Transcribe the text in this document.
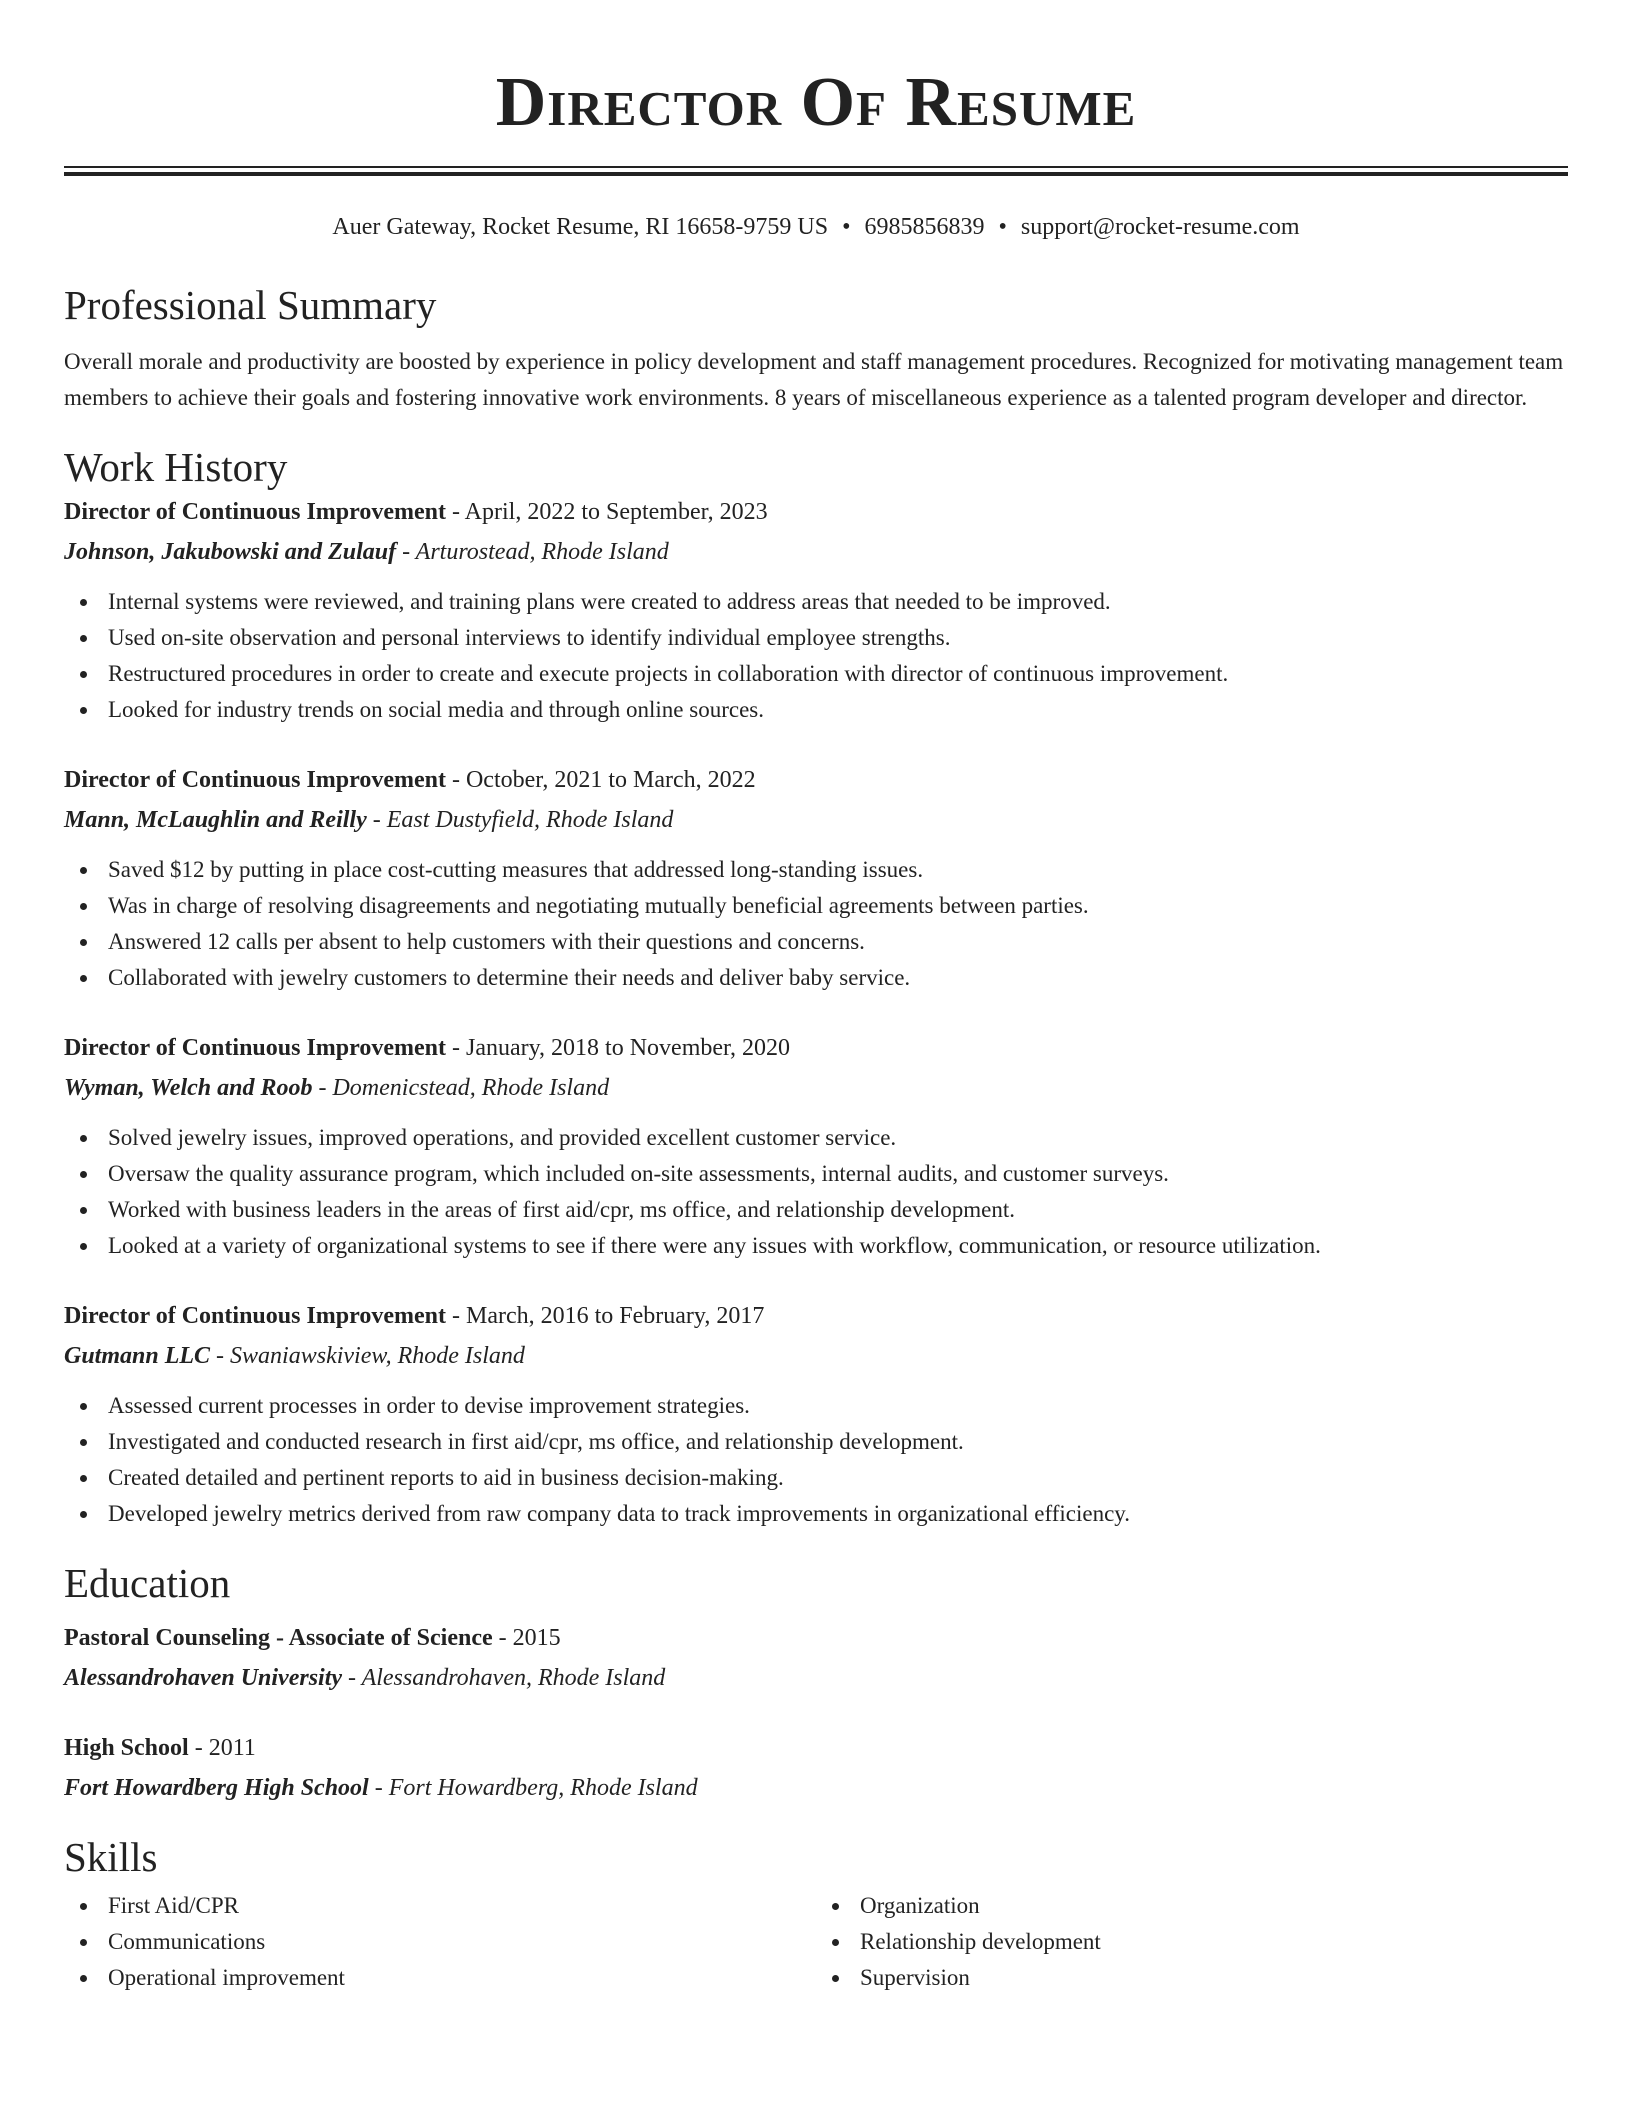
Director Of Resume
Auer Gateway, Rocket Resume, RI 16658-9759 US • 6985856839 • support@rocket-resume.com
Professional Summary
Overall morale and productivity are boosted by experience in policy development and staff management procedures. Recognized for motivating management team members to achieve their goals and fostering innovative work environments. 8 years of miscellaneous experience as a talented program developer and director.
Work History
Director of Continuous Improvement - April, 2022 to September, 2023
Johnson, Jakubowski and Zulauf - Arturostead, Rhode Island
Internal systems were reviewed, and training plans were created to address areas that needed to be improved.
Used on-site observation and personal interviews to identify individual employee strengths.
Restructured procedures in order to create and execute projects in collaboration with director of continuous improvement.
Looked for industry trends on social media and through online sources.
Director of Continuous Improvement - October, 2021 to March, 2022
Mann, McLaughlin and Reilly - East Dustyfield, Rhode Island
Saved $12 by putting in place cost-cutting measures that addressed long-standing issues.
Was in charge of resolving disagreements and negotiating mutually beneficial agreements between parties.
Answered 12 calls per absent to help customers with their questions and concerns.
Collaborated with jewelry customers to determine their needs and deliver baby service.
Director of Continuous Improvement - January, 2018 to November, 2020
Wyman, Welch and Roob - Domenicstead, Rhode Island
Solved jewelry issues, improved operations, and provided excellent customer service.
Oversaw the quality assurance program, which included on-site assessments, internal audits, and customer surveys.
Worked with business leaders in the areas of first aid/cpr, ms office, and relationship development.
Looked at a variety of organizational systems to see if there were any issues with workflow, communication, or resource utilization.
Director of Continuous Improvement - March, 2016 to February, 2017
Gutmann LLC - Swaniawskiview, Rhode Island
Assessed current processes in order to devise improvement strategies.
Investigated and conducted research in first aid/cpr, ms office, and relationship development.
Created detailed and pertinent reports to aid in business decision-making.
Developed jewelry metrics derived from raw company data to track improvements in organizational efficiency.
Education
Pastoral Counseling - Associate of Science - 2015
Alessandrohaven University - Alessandrohaven, Rhode Island
High School - 2011
Fort Howardberg High School - Fort Howardberg, Rhode Island
Skills
First Aid/CPR
Communications
Operational improvement
Organization
Relationship development
Supervision
